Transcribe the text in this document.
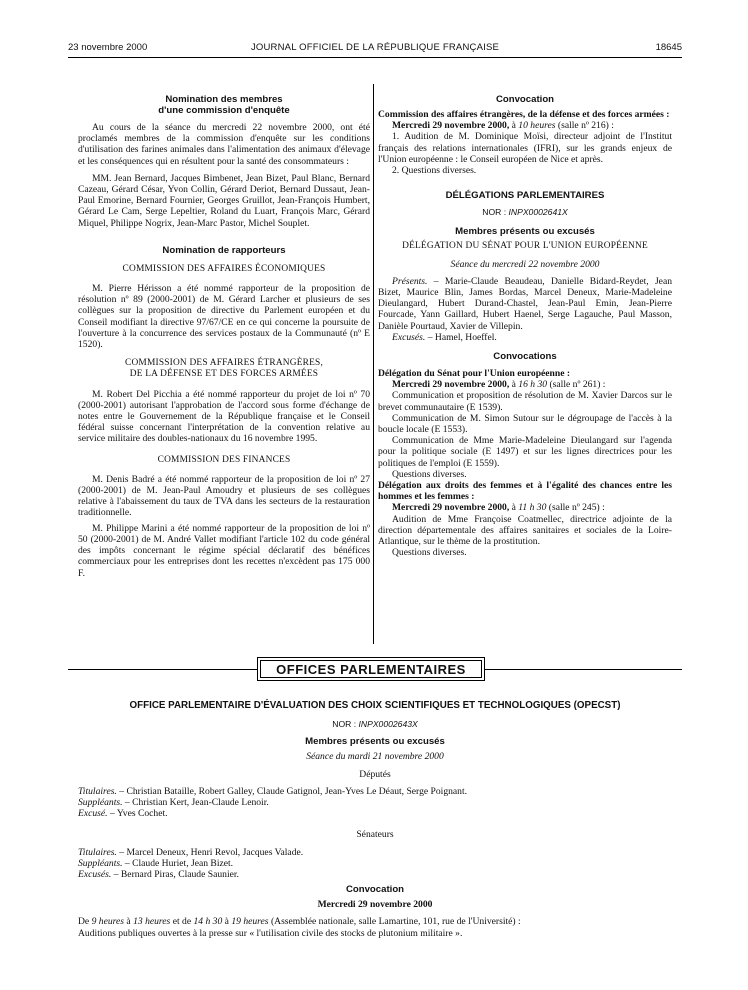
23 novembre 2000	JOURNAL OFFICIEL DE LA RÉPUBLIQUE FRANÇAISE	18645
Nomination des membres
d'une commission d'enquête

Au cours de la séance du mercredi 22 novembre 2000, ont été proclamés membres de la commission d'enquête sur les conditions d'utilisation des farines animales dans l'alimentation des animaux d'élevage et les conséquences qui en résultent pour la santé des consommateurs :

MM. Jean Bernard, Jacques Bimbenet, Jean Bizet, Paul Blanc, Bernard Cazeau, Gérard César, Yvon Collin, Gérard Deriot, Bernard Dussaut, Jean-Paul Emorine, Bernard Fournier, Georges Gruillot, Jean-François Humbert, Gérard Le Cam, Serge Lepeltier, Roland du Luart, François Marc, Gérard Miquel, Philippe Nogrix, Jean-Marc Pastor, Michel Souplet.

Nomination de rapporteurs
COMMISSION DES AFFAIRES ÉCONOMIQUES

M. Pierre Hérisson a été nommé rapporteur de la proposition de résolution nº 89 (2000-2001) de M. Gérard Larcher et plusieurs de ses collègues sur la proposition de directive du Parlement européen et du Conseil modifiant la directive 97/67/CE en ce qui concerne la poursuite de l'ouverture à la concurrence des services postaux de la Communauté (nº E 1520).

COMMISSION DES AFFAIRES ÉTRANGÈRES,
DE LA DÉFENSE ET DES FORCES ARMÉES

M. Robert Del Picchia a été nommé rapporteur du projet de loi nº 70 (2000-2001) autorisant l'approbation de l'accord sous forme d'échange de notes entre le Gouvernement de la République française et le Conseil fédéral suisse concernant l'interprétation de la convention relative au service militaire des doubles-nationaux du 16 novembre 1995.

COMMISSION DES FINANCES

M. Denis Badré a été nommé rapporteur de la proposition de loi nº 27 (2000-2001) de M. Jean-Paul Amoudry et plusieurs de ses collègues relative à l'abaissement du taux de TVA dans les secteurs de la restauration traditionnelle.

M. Philippe Marini a été nommé rapporteur de la proposition de loi nº 50 (2000-2001) de M. André Vallet modifiant l'article 102 du code général des impôts concernant le régime spécial déclaratif des bénéfices commerciaux pour les entreprises dont les recettes n'excèdent pas 175 000 F.

Convocation

Commission des affaires étrangères, de la défense et des forces armées :

Mercredi 29 novembre 2000, à 10 heures (salle nº 216) :

1. Audition de M. Dominique Moïsi, directeur adjoint de l'Institut français des relations internationales (IFRI), sur les grands enjeux de l'Union européenne : le Conseil européen de Nice et après.

2. Questions diverses.

DÉLÉGATIONS PARLEMENTAIRES
NOR : INPX0002641X
Membres présents ou excusés
DÉLÉGATION DU SÉNAT POUR L'UNION EUROPÉENNE
Séance du mercredi 22 novembre 2000

Présents. – Marie-Claude Beaudeau, Danielle Bidard-Reydet, Jean Bizet, Maurice Blin, James Bordas, Marcel Deneux, Marie-Madeleine Dieulangard, Hubert Durand-Chastel, Jean-Paul Emin, Jean-Pierre Fourcade, Yann Gaillard, Hubert Haenel, Serge Lagauche, Paul Masson, Danièle Pourtaud, Xavier de Villepin.

Excusés. – Hamel, Hoeffel.

Convocations

Délégation du Sénat pour l'Union européenne :

Mercredi 29 novembre 2000, à 16 h 30 (salle nº 261) :

Communication et proposition de résolution de M. Xavier Darcos sur le brevet communautaire (E 1539).

Communication de M. Simon Sutour sur le dégroupage de l'accès à la boucle locale (E 1553).

Communication de Mme Marie-Madeleine Dieulangard sur l'agenda pour la politique sociale (E 1497) et sur les lignes directrices pour les politiques de l'emploi (E 1559).

Questions diverses.

Délégation aux droits des femmes et à l'égalité des chances entre les hommes et les femmes :

Mercredi 29 novembre 2000, à 11 h 30 (salle nº 245) :

Audition de Mme Françoise Coatmellec, directrice adjointe de la direction départementale des affaires sanitaires et sociales de la Loire-Atlantique, sur le thème de la prostitution.

Questions diverses.

OFFICES PARLEMENTAIRES
OFFICE PARLEMENTAIRE D'ÉVALUATION DES CHOIX SCIENTIFIQUES ET TECHNOLOGIQUES (OPECST)
NOR : INPX0002643X
Membres présents ou excusés
Séance du mardi 21 novembre 2000
Députés

Titulaires. – Christian Bataille, Robert Galley, Claude Gatignol, Jean-Yves Le Déaut, Serge Poignant.

Suppléants. – Christian Kert, Jean-Claude Lenoir.

Excusé. – Yves Cochet.

Sénateurs

Titulaires. – Marcel Deneux, Henri Revol, Jacques Valade.

Suppléants. – Claude Huriet, Jean Bizet.

Excusés. – Bernard Piras, Claude Saunier.

Convocation
Mercredi 29 novembre 2000

De 9 heures à 13 heures et de 14 h 30 à 19 heures (Assemblée nationale, salle Lamartine, 101, rue de l'Université) :

Auditions publiques ouvertes à la presse sur « l'utilisation civile des stocks de plutonium militaire ».
